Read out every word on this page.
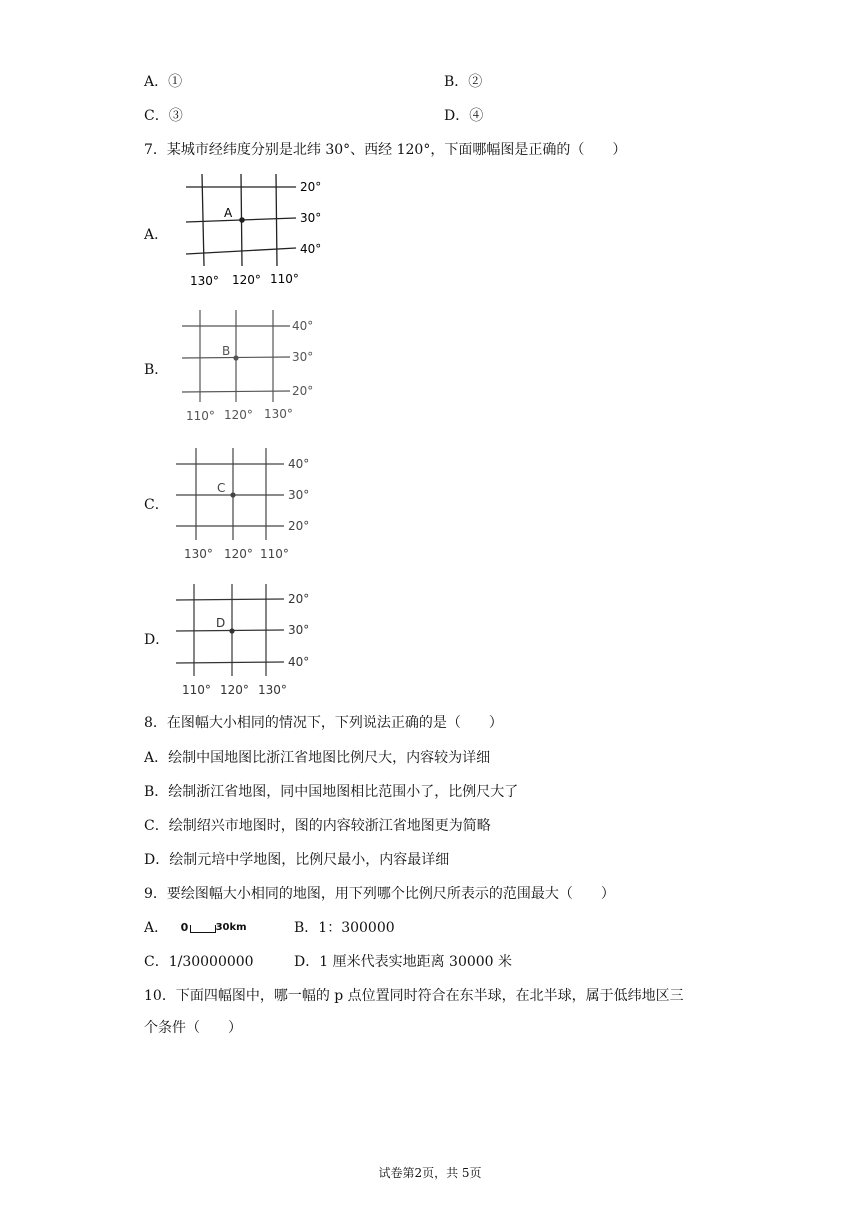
A．①	B．②
C．③	D．④
7．某城市经纬度分别是北纬 30°、西经 120°，下面哪幅图是正确的（　　）
A．
A
20°
30°
40°
130° 120° 110°
B．
B
40°
30°
20°
110° 120° 130°
C．
C
40°
30°
20°
130° 120° 110°
D．
D
20°
30°
40°
110° 120° 130°
8．在图幅大小相同的情况下，下列说法正确的是（　　）
A．绘制中国地图比浙江省地图比例尺大，内容较为详细
B．绘制浙江省地图，同中国地图相比范围小了，比例尺大了
C．绘制绍兴市地图时，图的内容较浙江省地图更为简略
D．绘制元培中学地图，比例尺最小，内容最详细
9．要绘图幅大小相同的地图，用下列哪个比例尺所表示的范围最大（　　）
A． 0	30km	B．1：300000
C．1/30000000	D．1 厘米代表实地距离 30000 米
10．下面四幅图中，哪一幅的 p 点位置同时符合在东半球，在北半球，属于低纬地区三
个条件（　　）
试卷第2页，共 5页
